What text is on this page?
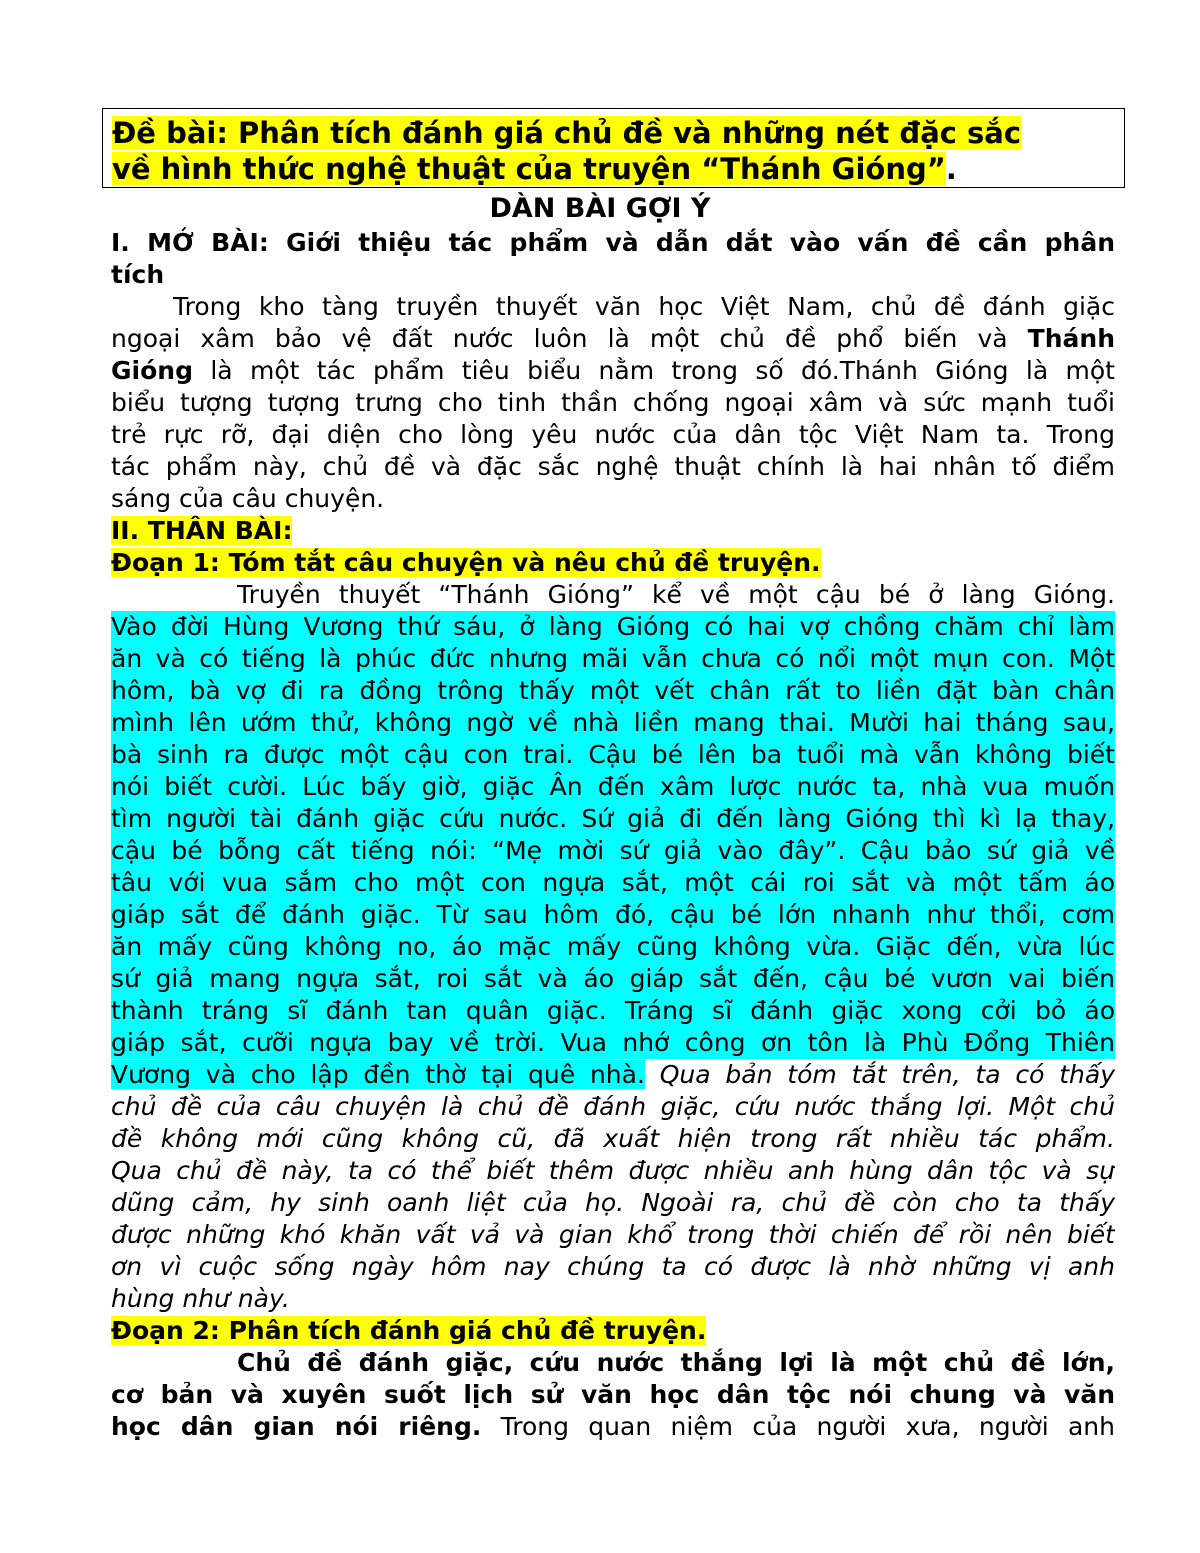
Đề bài: Phân tích đánh giá chủ đề và những nét đặc sắc
về hình thức nghệ thuật của truyện “Thánh Gióng”.
DÀN BÀI GỢI Ý
I. MỞ BÀI: Giới thiệu tác phẩm và dẫn dắt vào vấn đề cần phân
tích
Trong kho tàng truyền thuyết văn học Việt Nam, chủ đề đánh giặc
ngoại xâm bảo vệ đất nước luôn là một chủ đề phổ biến và Thánh
Gióng là một tác phẩm tiêu biểu nằm trong số đó.Thánh Gióng là một
biểu tượng tượng trưng cho tinh thần chống ngoại xâm và sức mạnh tuổi
trẻ rực rỡ, đại diện cho lòng yêu nước của dân tộc Việt Nam ta. Trong
tác phẩm này, chủ đề và đặc sắc nghệ thuật chính là hai nhân tố điểm
sáng của câu chuyện.
II. THÂN BÀI:
Đoạn 1: Tóm tắt câu chuyện và nêu chủ đề truyện.
Truyền thuyết “Thánh Gióng” kể về một cậu bé ở làng Gióng.
Vào đời Hùng Vương thứ sáu, ở làng Gióng có hai vợ chồng chăm chỉ làm
ăn và có tiếng là phúc đức nhưng mãi vẫn chưa có nổi một mụn con. Một
hôm, bà vợ đi ra đồng trông thấy một vết chân rất to liền đặt bàn chân
mình lên ướm thử, không ngờ về nhà liền mang thai. Mười hai tháng sau,
bà sinh ra được một cậu con trai. Cậu bé lên ba tuổi mà vẫn không biết
nói biết cười. Lúc bấy giờ, giặc Ân đến xâm lược nước ta, nhà vua muốn
tìm người tài đánh giặc cứu nước. Sứ giả đi đến làng Gióng thì kì lạ thay,
cậu bé bỗng cất tiếng nói: “Mẹ mời sứ giả vào đây”. Cậu bảo sứ giả về
tâu với vua sắm cho một con ngựa sắt, một cái roi sắt và một tấm áo
giáp sắt để đánh giặc. Từ sau hôm đó, cậu bé lớn nhanh như thổi, cơm
ăn mấy cũng không no, áo mặc mấy cũng không vừa. Giặc đến, vừa lúc
sứ giả mang ngựa sắt, roi sắt và áo giáp sắt đến, cậu bé vươn vai biến
thành tráng sĩ đánh tan quân giặc. Tráng sĩ đánh giặc xong cởi bỏ áo
giáp sắt, cưỡi ngựa bay về trời. Vua nhớ công ơn tôn là Phù Đổng Thiên
Vương và cho lập đền thờ tại quê nhà. Qua bản tóm tắt trên, ta có thấy
chủ đề của câu chuyện là chủ đề đánh giặc, cứu nước thắng lợi. Một chủ
đề không mới cũng không cũ, đã xuất hiện trong rất nhiều tác phẩm.
Qua chủ đề này, ta có thể biết thêm được nhiều anh hùng dân tộc và sự
dũng cảm, hy sinh oanh liệt của họ. Ngoài ra, chủ đề còn cho ta thấy
được những khó khăn vất vả và gian khổ trong thời chiến để rồi nên biết
ơn vì cuộc sống ngày hôm nay chúng ta có được là nhờ những vị anh
hùng như này.
Đoạn 2: Phân tích đánh giá chủ đề truyện.
Chủ đề đánh giặc, cứu nước thắng lợi là một chủ đề lớn,
cơ bản và xuyên suốt lịch sử văn học dân tộc nói chung và văn
học dân gian nói riêng. Trong quan niệm của người xưa, người anh
